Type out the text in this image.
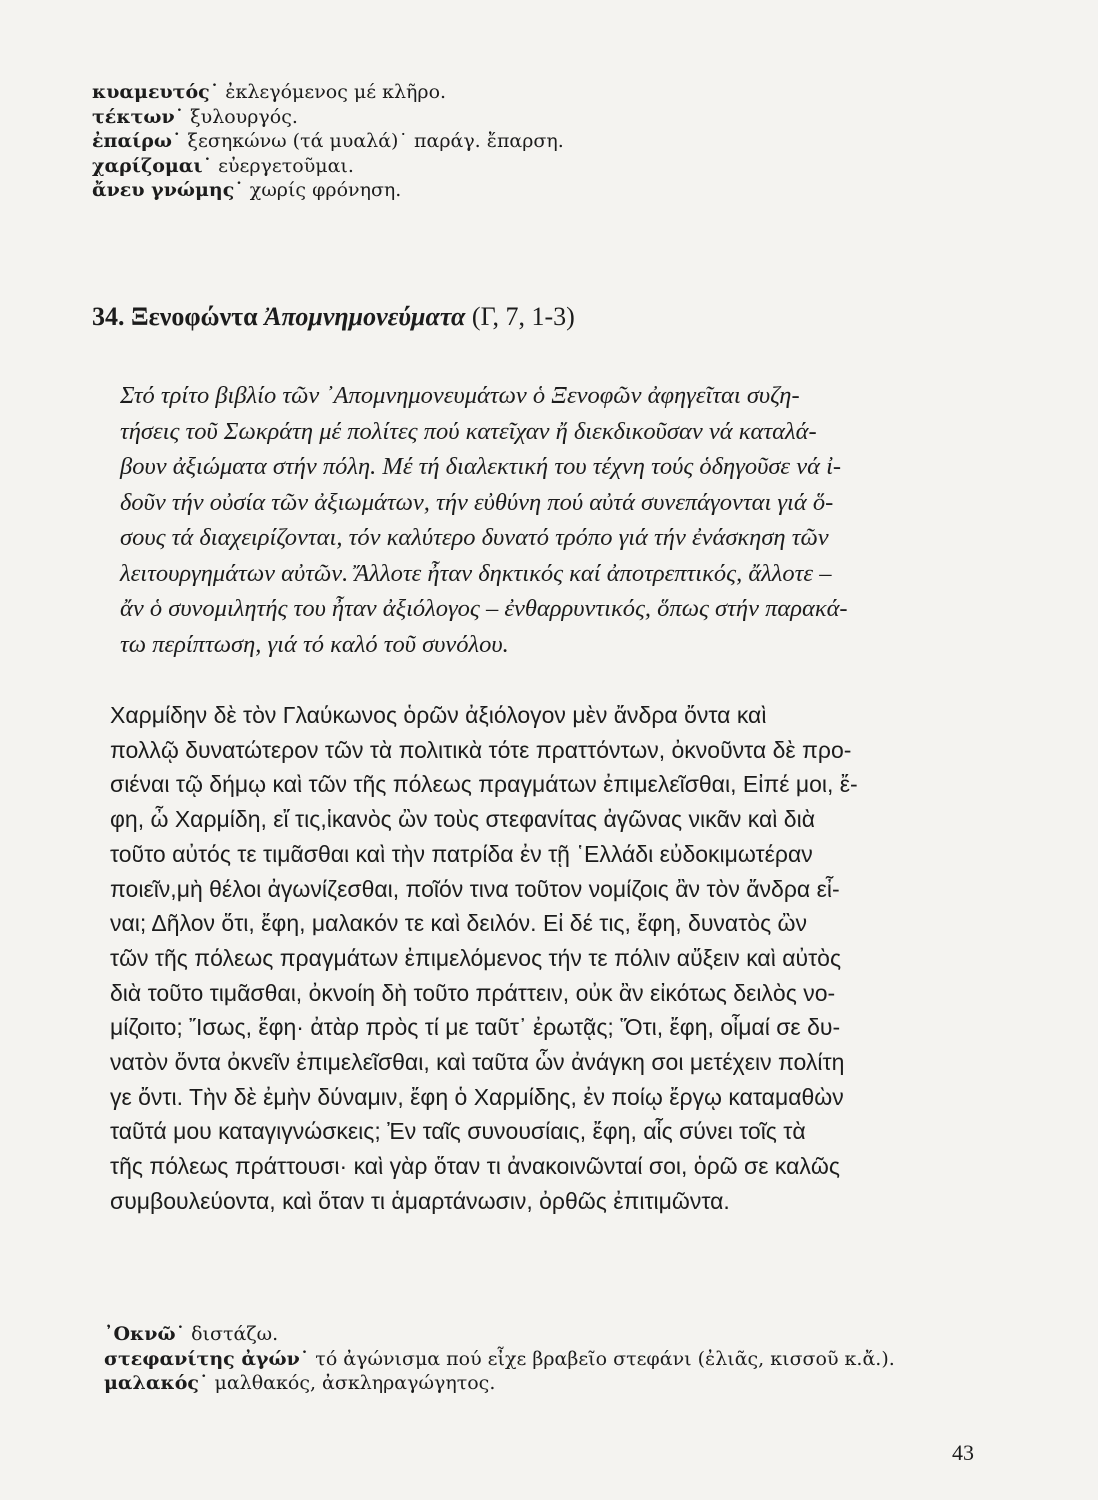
κυαμευτός˙ ἐκλεγόμενος μέ κλῆρο.
τέκτων˙ ξυλουργός.
ἐπαίρω˙ ξεσηκώνω (τά μυαλά)˙ παράγ. ἔπαρση.
χαρίζομαι˙ εὐεργετοῦμαι.
ἄνευ γνώμης˙ χωρίς φρόνηση.
34. Ξενοφώντα Ἀπομνημονεύματα (Γ, 7, 1-3)
Στό τρίτο βιβλίο τῶν ᾿Απομνημονευμάτων ὁ Ξενοφῶν ἀφηγεῖται συζη-
τήσεις τοῦ Σωκράτη μέ πολίτες πού κατεῖχαν ἤ διεκδικοῦσαν νά καταλά-
βουν ἀξιώματα στήν πόλη. Μέ τή διαλεκτική του τέχνη τούς ὁδηγοῦσε νά ἰ-
δοῦν τήν οὐσία τῶν ἀξιωμάτων, τήν εὐθύνη πού αὐτά συνεπάγονται γιά ὅ-
σους τά διαχειρίζονται, τόν καλύτερο δυνατό τρόπο γιά τήν ἐνάσκηση τῶν
λειτουργημάτων αὐτῶν. Ἄλλοτε ἦταν δηκτικός καί ἀποτρεπτικός, ἄλλοτε –
ἄν ὁ συνομιλητής του ἦταν ἀξιόλογος – ἐνθαρρυντικός, ὅπως στήν παρακά-
τω περίπτωση, γιά τό καλό τοῦ συνόλου.
Χαρμίδην δὲ τὸν Γλαύκωνος ὁρῶν ἀξιόλογον μὲν ἄνδρα ὄντα καὶ
πολλῷ δυνατώτερον τῶν τὰ πολιτικὰ τότε πραττόντων, ὀκνοῦντα δὲ προ-
σιέναι τῷ δήμῳ καὶ τῶν τῆς πόλεως πραγμάτων ἐπιμελεῖσθαι, Εἰπέ μοι, ἔ-
φη, ὦ Χαρμίδη, εἴ τις,ἱκανὸς ὢν τοὺς στεφανίτας ἀγῶνας νικᾶν καὶ διὰ
τοῦτο αὐτός τε τιμᾶσθαι καὶ τὴν πατρίδα ἐν τῇ ῾Ελλάδι εὐδοκιμωτέραν
ποιεῖν,μὴ θέλοι ἀγωνίζεσθαι, ποῖόν τινα τοῦτον νομίζοις ἂν τὸν ἄνδρα εἶ-
ναι; Δῆλον ὅτι, ἔφη, μαλακόν τε καὶ δειλόν. Εἰ δέ τις, ἔφη, δυνατὸς ὢν
τῶν τῆς πόλεως πραγμάτων ἐπιμελόμενος τήν τε πόλιν αὔξειν καὶ αὐτὸς
διὰ τοῦτο τιμᾶσθαι, ὀκνοίη δὴ τοῦτο πράττειν, οὐκ ἂν εἰκότως δειλὸς νο-
μίζοιτο; Ἴσως, ἔφη· ἀτὰρ πρὸς τί με ταῦτ᾿ ἐρωτᾷς; Ὅτι, ἔφη, οἶμαί σε δυ-
νατὸν ὄντα ὀκνεῖν ἐπιμελεῖσθαι, καὶ ταῦτα ὧν ἀνάγκη σοι μετέχειν πολίτη
γε ὄντι. Τὴν δὲ ἐμὴν δύναμιν, ἔφη ὁ Χαρμίδης, ἐν ποίῳ ἔργῳ καταμαθὼν
ταῦτά μου καταγιγνώσκεις; Ἐν ταῖς συνουσίαις, ἔφη, αἷς σύνει τοῖς τὰ
τῆς πόλεως πράττουσι· καὶ γὰρ ὅταν τι ἀνακοινῶνταί σοι, ὁρῶ σε καλῶς
συμβουλεύοντα, καὶ ὅταν τι ἁμαρτάνωσιν, ὀρθῶς ἐπιτιμῶντα.
᾿Οκνῶ˙ διστάζω.
στεφανίτης ἀγών˙ τό ἀγώνισμα πού εἶχε βραβεῖο στεφάνι (ἐλιᾶς, κισσοῦ κ.ἄ.).
μαλακός˙ μαλθακός, ἀσκληραγώγητος.
43
